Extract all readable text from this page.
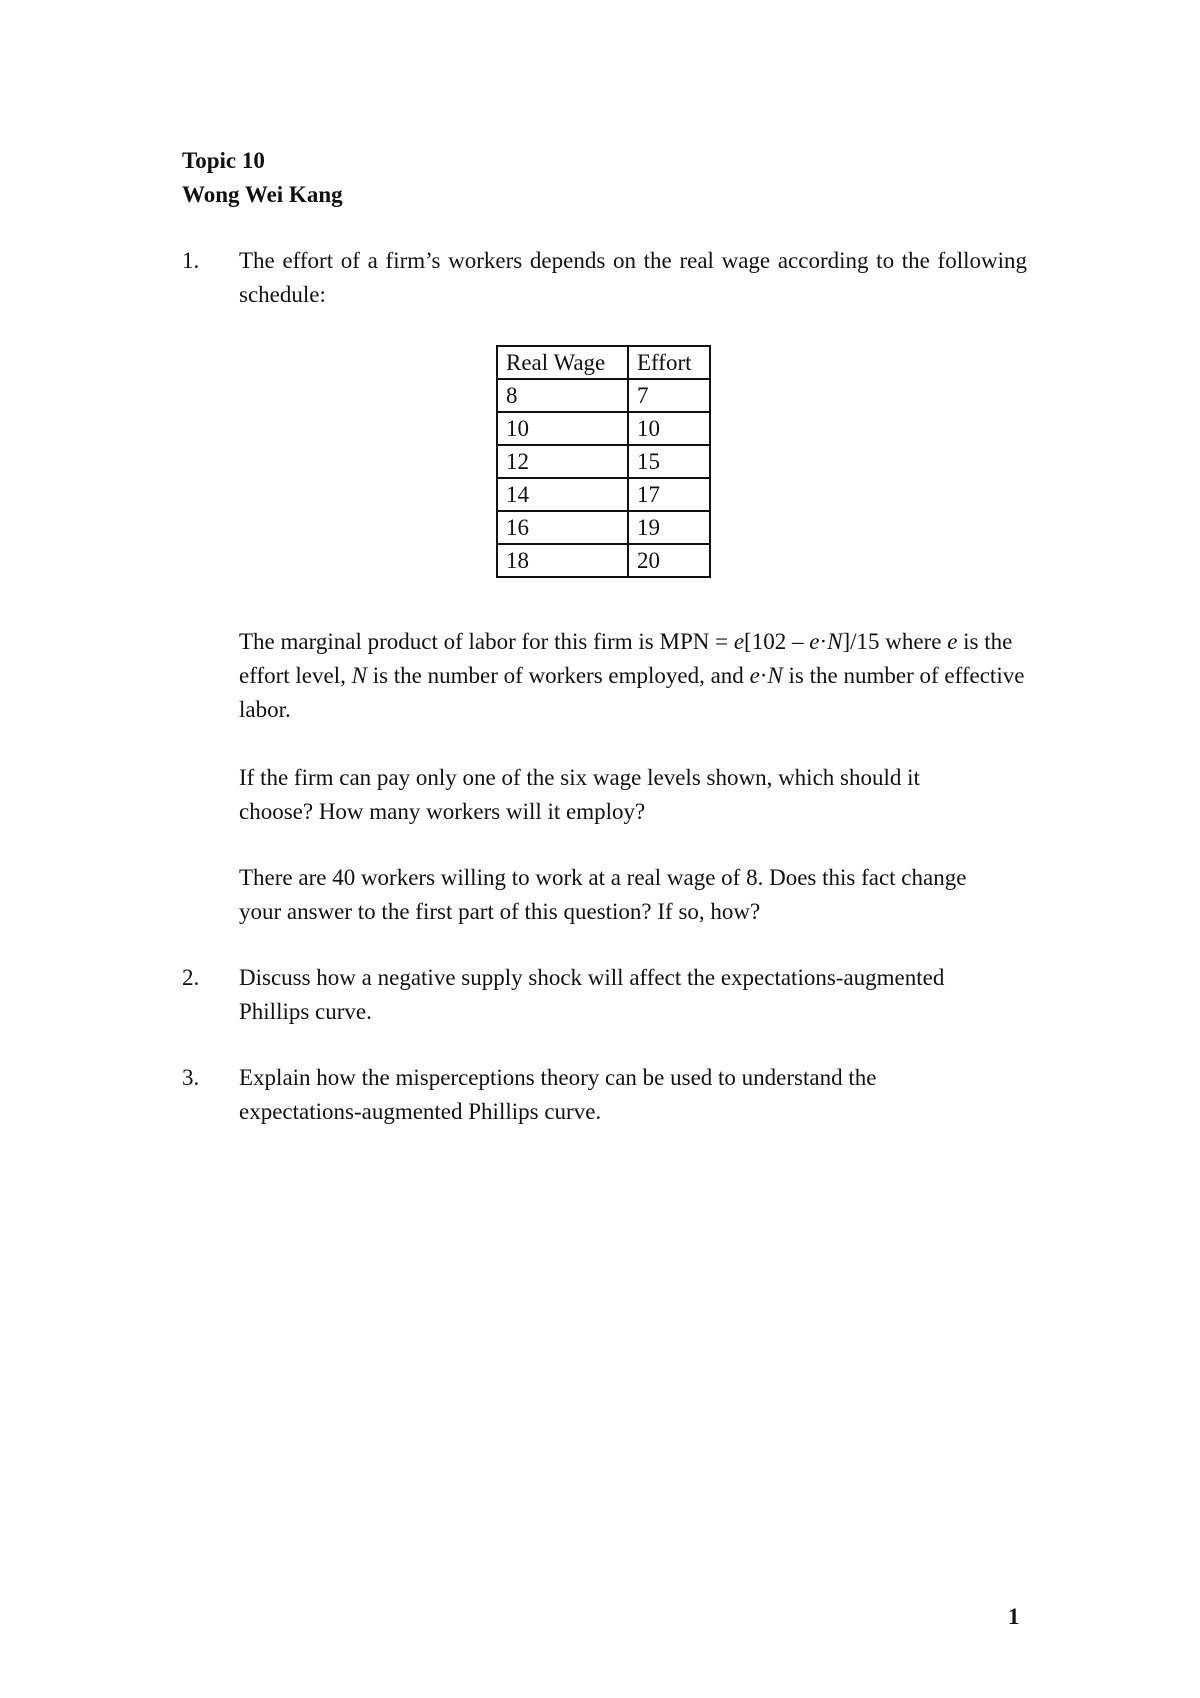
Topic 10
Wong Wei Kang
1. The effort of a firm’s workers depends on the real wage according to the following schedule:
Real Wage	Effort
8	7
10	10
12	15
14	17
16	19
18	20

The marginal product of labor for this firm is MPN = e[102 – e·N]/15 where e is the effort level, N is the number of workers employed, and e·N is the number of effective labor.

If the firm can pay only one of the six wage levels shown, which should it choose? How many workers will it employ?

There are 40 workers willing to work at a real wage of 8. Does this fact change your answer to the first part of this question? If so, how?

2. Discuss how a negative supply shock will affect the expectations-augmented Phillips curve.

3. Explain how the misperceptions theory can be used to understand the expectations-augmented Phillips curve.

1
